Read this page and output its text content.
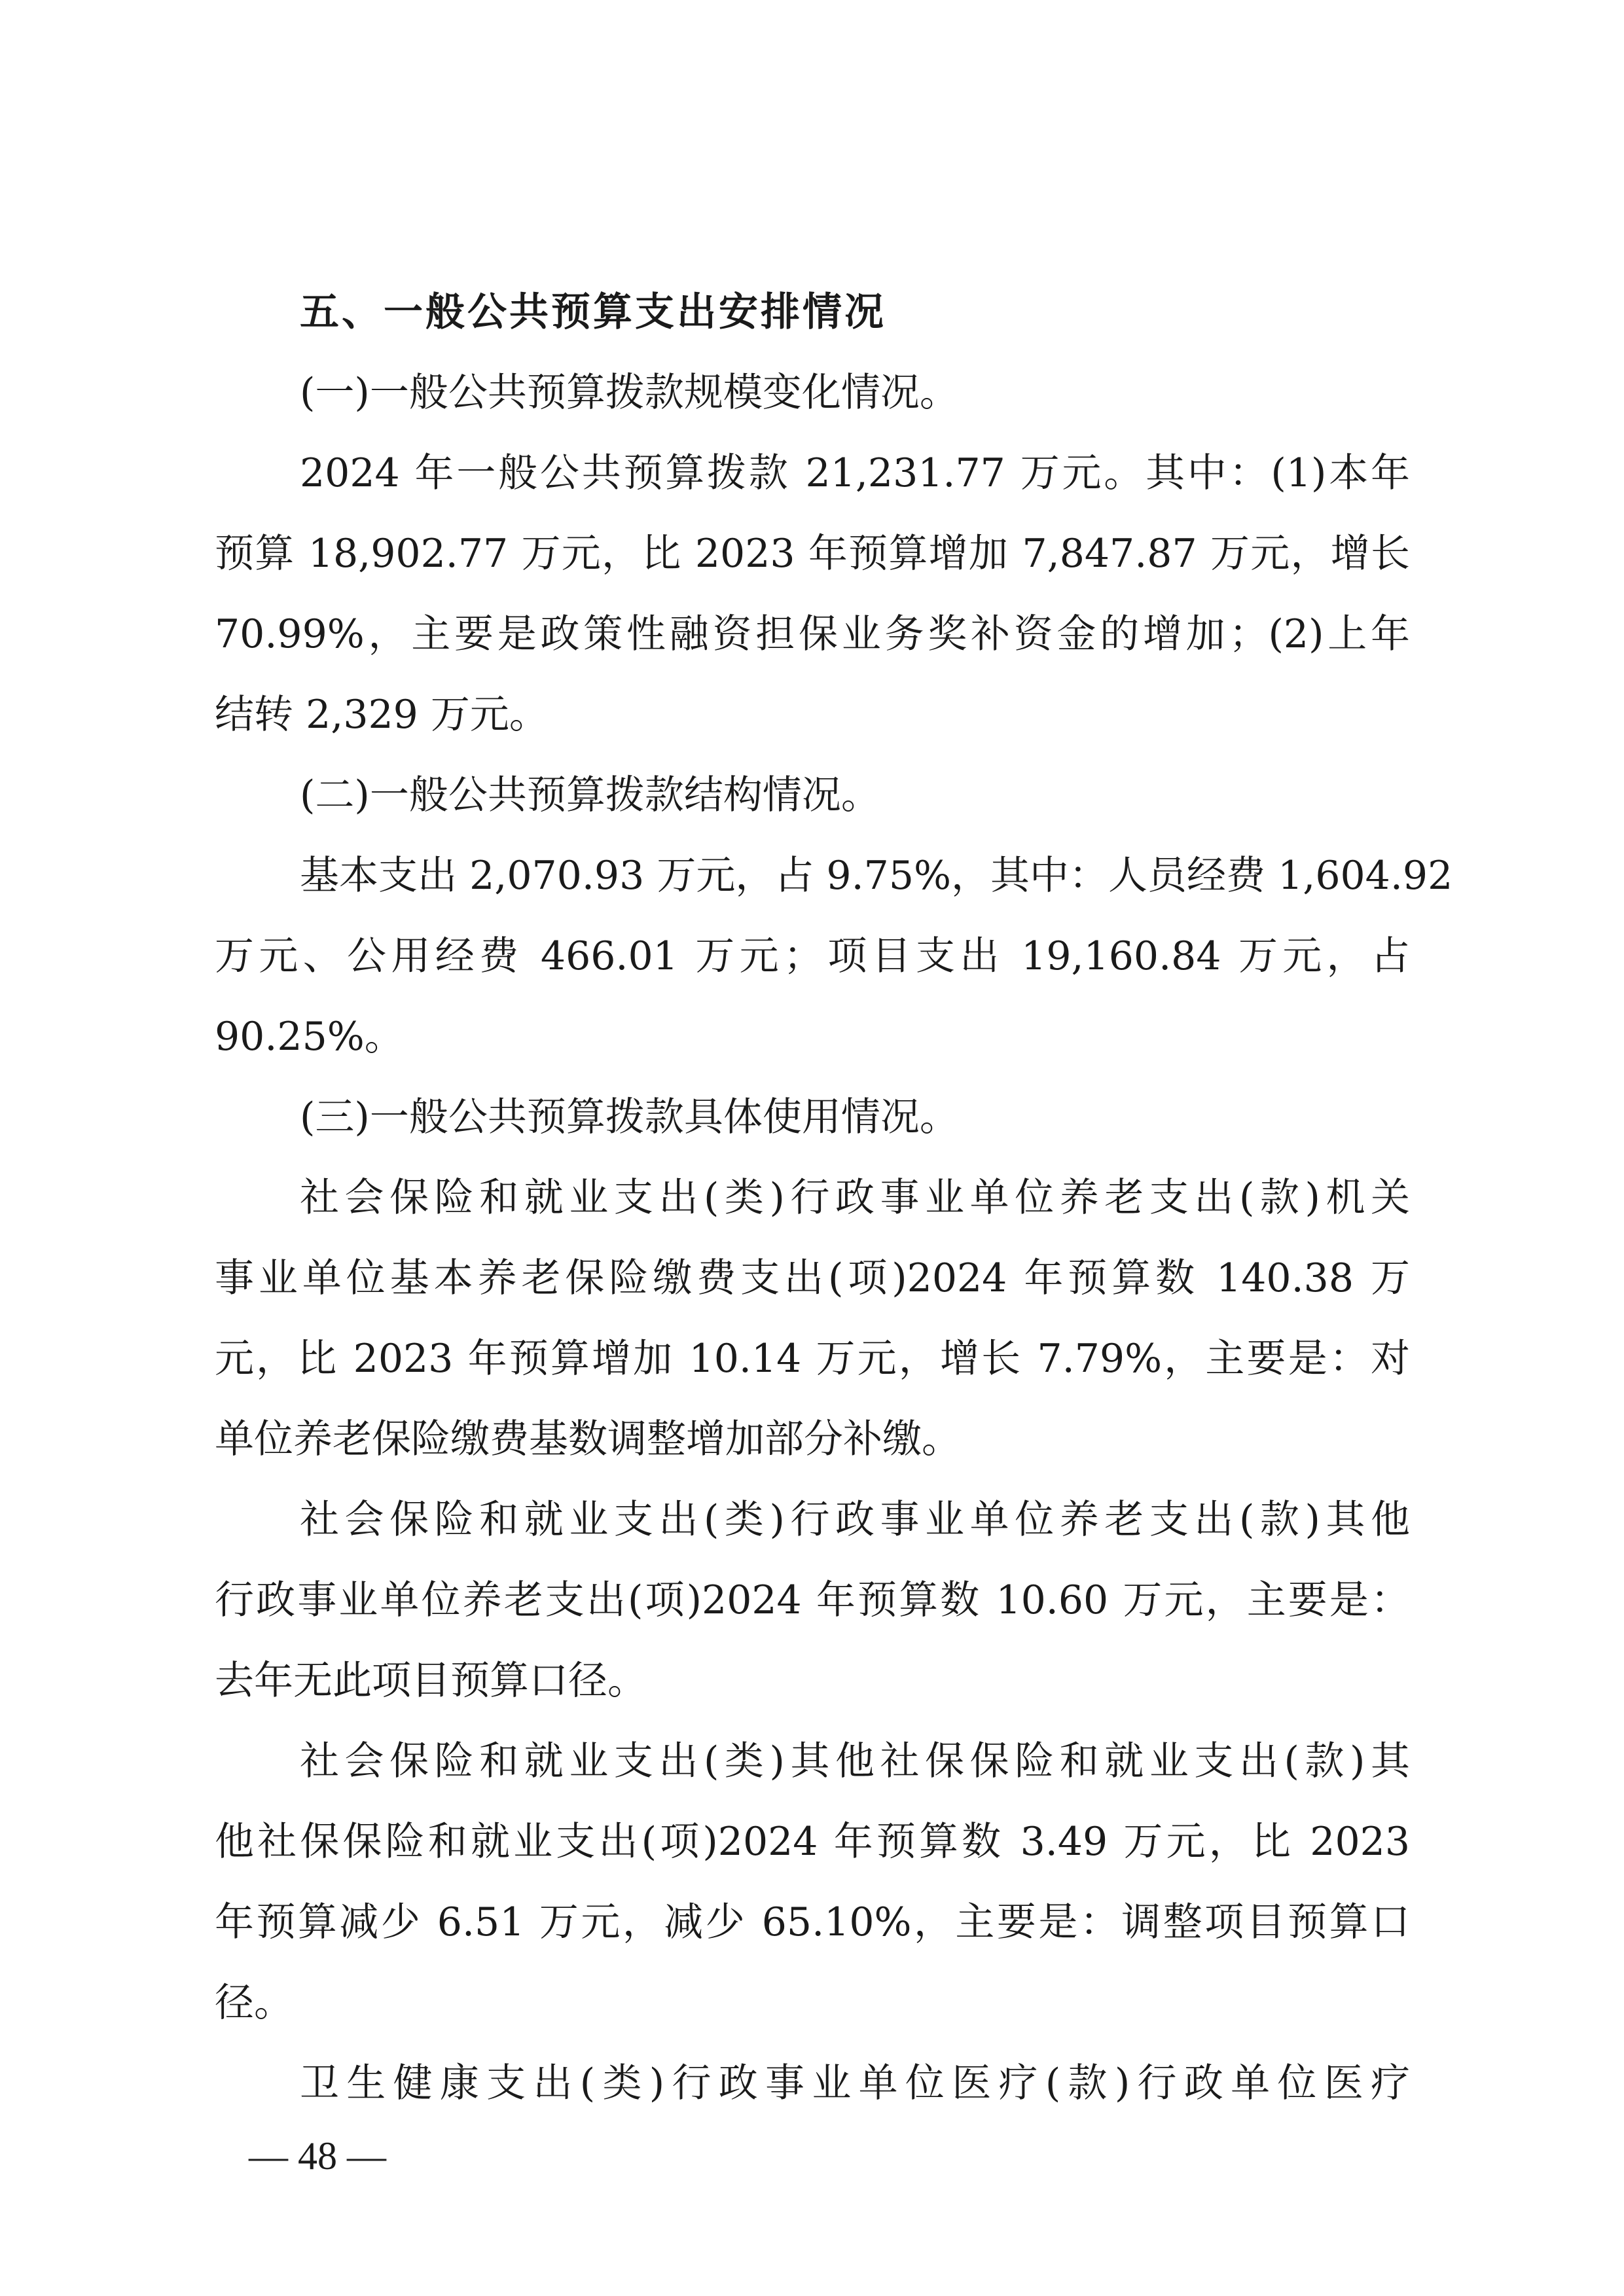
五、一般公共预算支出安排情况
(一)一般公共预算拨款规模变化情况。
2024 年一般公共预算拨款 21,231.77 万元。其中：(1)本年
预算 18,902.77 万元，比 2023 年预算增加 7,847.87 万元，增长
70.99%，主要是政策性融资担保业务奖补资金的增加；(2)上年
结转 2,329 万元。
(二)一般公共预算拨款结构情况。
基本支出 2,070.93 万元，占 9.75%，其中：人员经费 1,604.92
万元、公用经费 466.01 万元；项目支出 19,160.84 万元，占
90.25%。
(三)一般公共预算拨款具体使用情况。
社会保险和就业支出(类)行政事业单位养老支出(款)机关
事业单位基本养老保险缴费支出(项)2024 年预算数 140.38 万
元，比 2023 年预算增加 10.14 万元，增长 7.79%，主要是：对
单位养老保险缴费基数调整增加部分补缴。
社会保险和就业支出(类)行政事业单位养老支出(款)其他
行政事业单位养老支出(项)2024 年预算数 10.60 万元，主要是：
去年无此项目预算口径。
社会保险和就业支出(类)其他社保保险和就业支出(款)其
他社保保险和就业支出(项)2024 年预算数 3.49 万元，比 2023
年预算减少 6.51 万元，减少 65.10%，主要是：调整项目预算口
径。
卫生健康支出(类)行政事业单位医疗(款)行政单位医疗
— 48 —
